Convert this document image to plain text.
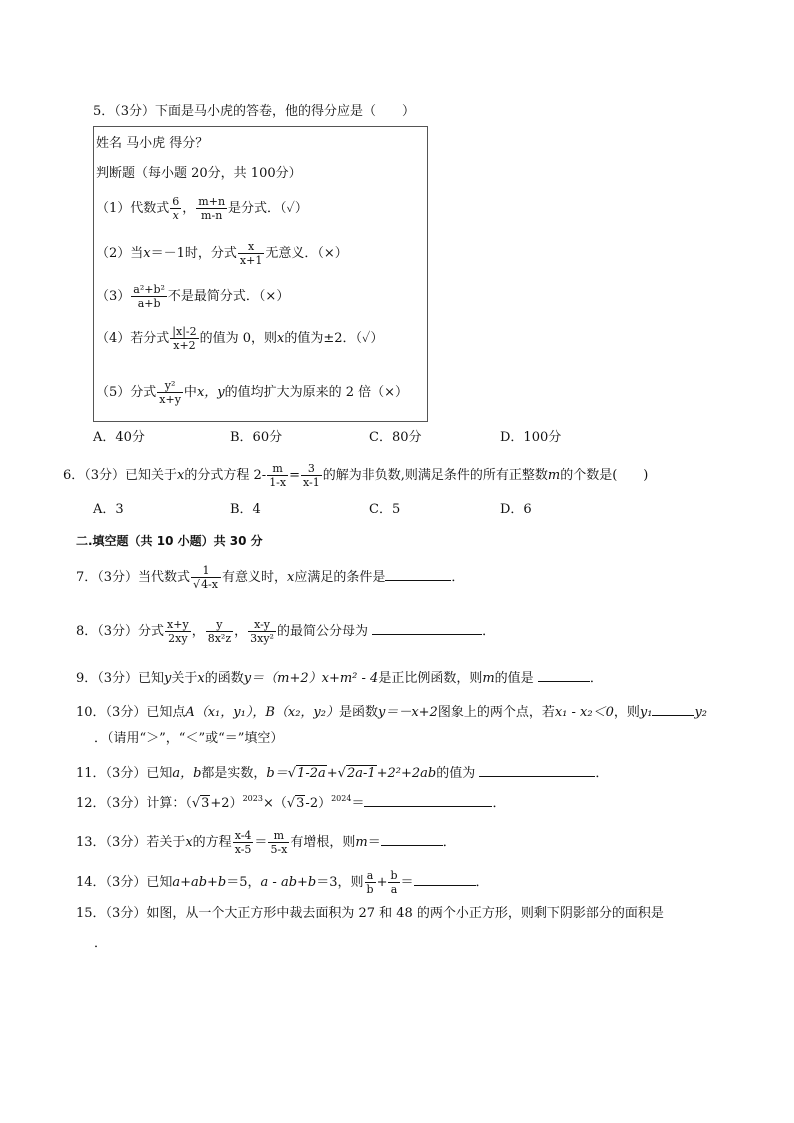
5．（3分）下面是马小虎的答卷，他的得分应是（　　）
姓名 马小虎 得分？
判断题（每小题 20分，共 100分）
（1）代数式 $\frac{6}{x}$ ， $\frac{m+n}{m-n}$ 是分式．（✓）
（2）当x＝－1时，分式 $\frac{x}{x+1}$ 无意义．（×）
$(3) \frac{\text{a²+b²}}{a+b}$ 不是最简分式．（×）
（4）若分式 $\frac{|x|-2}{x+2}$ 的值为 0，则x的值为±2．（✓）
（5）分式 $\frac{\text{y²}}{x+y}$ 中x，y的值均扩大为原来的 2 倍（×）
A．40分	B．60分	C．80分	D．100分
6．（3分）已知关于x的分式方程 $2- \frac{m}{1-x} = \frac{3}{x-1}$ 的解为非负数,则满足条件的所有正整数m的个数是(　　)
A．3	B．4	C．5	D．6
二.填空题（共 10 小题）共 30 分
7．（3分）当代数式 $\frac{1}{√4-x}$ 有意义时，x应满足的条件是	．
8．（3分）分式 $\frac{x+y}{2xy}$ ， $\frac{y}{\text{8x²z}}$ ， $\frac{x-y}{\text{3xy²}}$ 的最简公分母为	．
9．（3分）已知y关于x的函数y＝（m+2）x+m² - 4是正比例函数，则m的值是	．
10．（3分）已知点A（x₁，y₁），B（x₂，y₂）是函数y＝－x+2图象上的两个点，若x₁ - x₂＜0，则y₁	y₂
．（请用“＞”，“＜”或“＝”填空）
11．（3分）已知a，b都是实数，b＝√1-2a+√2a-1+2²+2ab的值为	．
12．（3分）计算：$(√3+2)^{2023}\times(√3-2)^{2024}=$	．
13．（3分）若关于x的方程 $\frac{x-4}{x-5} = \frac{m}{5-x}$ 有增根，则m＝	．
14．（3分）已知a+ab+b＝5，a - ab+b＝3，则 $\frac{a}{b} + \frac{b}{a}$ ＝	．
15．（3分）如图，从一个大正方形中裁去面积为 27 和 48 的两个小正方形，则剩下阴影部分的面积是
．
